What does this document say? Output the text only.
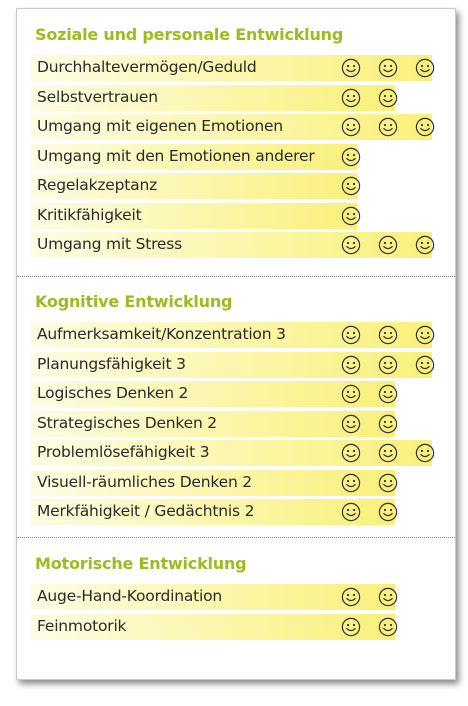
Soziale und personale Entwicklung
Durchhaltevermögen/Geduld
Selbstvertrauen
Umgang mit eigenen Emotionen
Umgang mit den Emotionen anderer
Regelakzeptanz
Kritikfähigkeit
Umgang mit Stress
Kognitive Entwicklung
Aufmerksamkeit/Konzentration 3
Planungsfähigkeit 3
Logisches Denken 2
Strategisches Denken 2
Problemlösefähigkeit 3
Visuell-räumliches Denken 2
Merkfähigkeit / Gedächtnis 2
Motorische Entwicklung
Auge-Hand-Koordination
Feinmotorik
